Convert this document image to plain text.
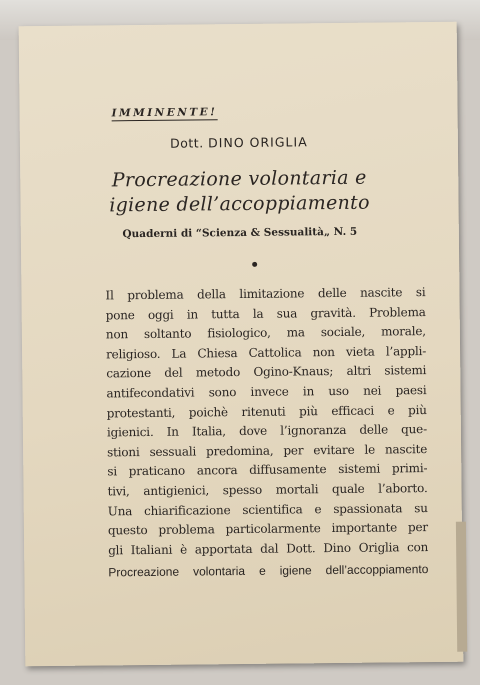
IMMINENTE!
Dott. DINO ORIGLIA
Procreazione volontaria e
igiene dell’accoppiamento
Quaderni di “Scienza & Sessualità„ N. 5
Il problema della limitazione delle nascite si
pone oggi in tutta la sua gravità. Problema
non soltanto fisiologico, ma sociale, morale,
religioso. La Chiesa Cattolica non vieta l’appli-
cazione del metodo Ogino-Knaus; altri sistemi
antifecondativi sono invece in uso nei paesi
protestanti, poichè ritenuti più efficaci e più
igienici. In Italia, dove l’ignoranza delle que-
stioni sessuali predomina, per evitare le nascite
si praticano ancora diffusamente sistemi primi-
tivi, antigienici, spesso mortali quale l’aborto.
Una chiarificazione scientifica e spassionata su
questo problema particolarmente importante per
gli Italiani è apportata dal Dott. Dino Origlia con
Procreazione volontaria e igiene dell’accoppiamento
